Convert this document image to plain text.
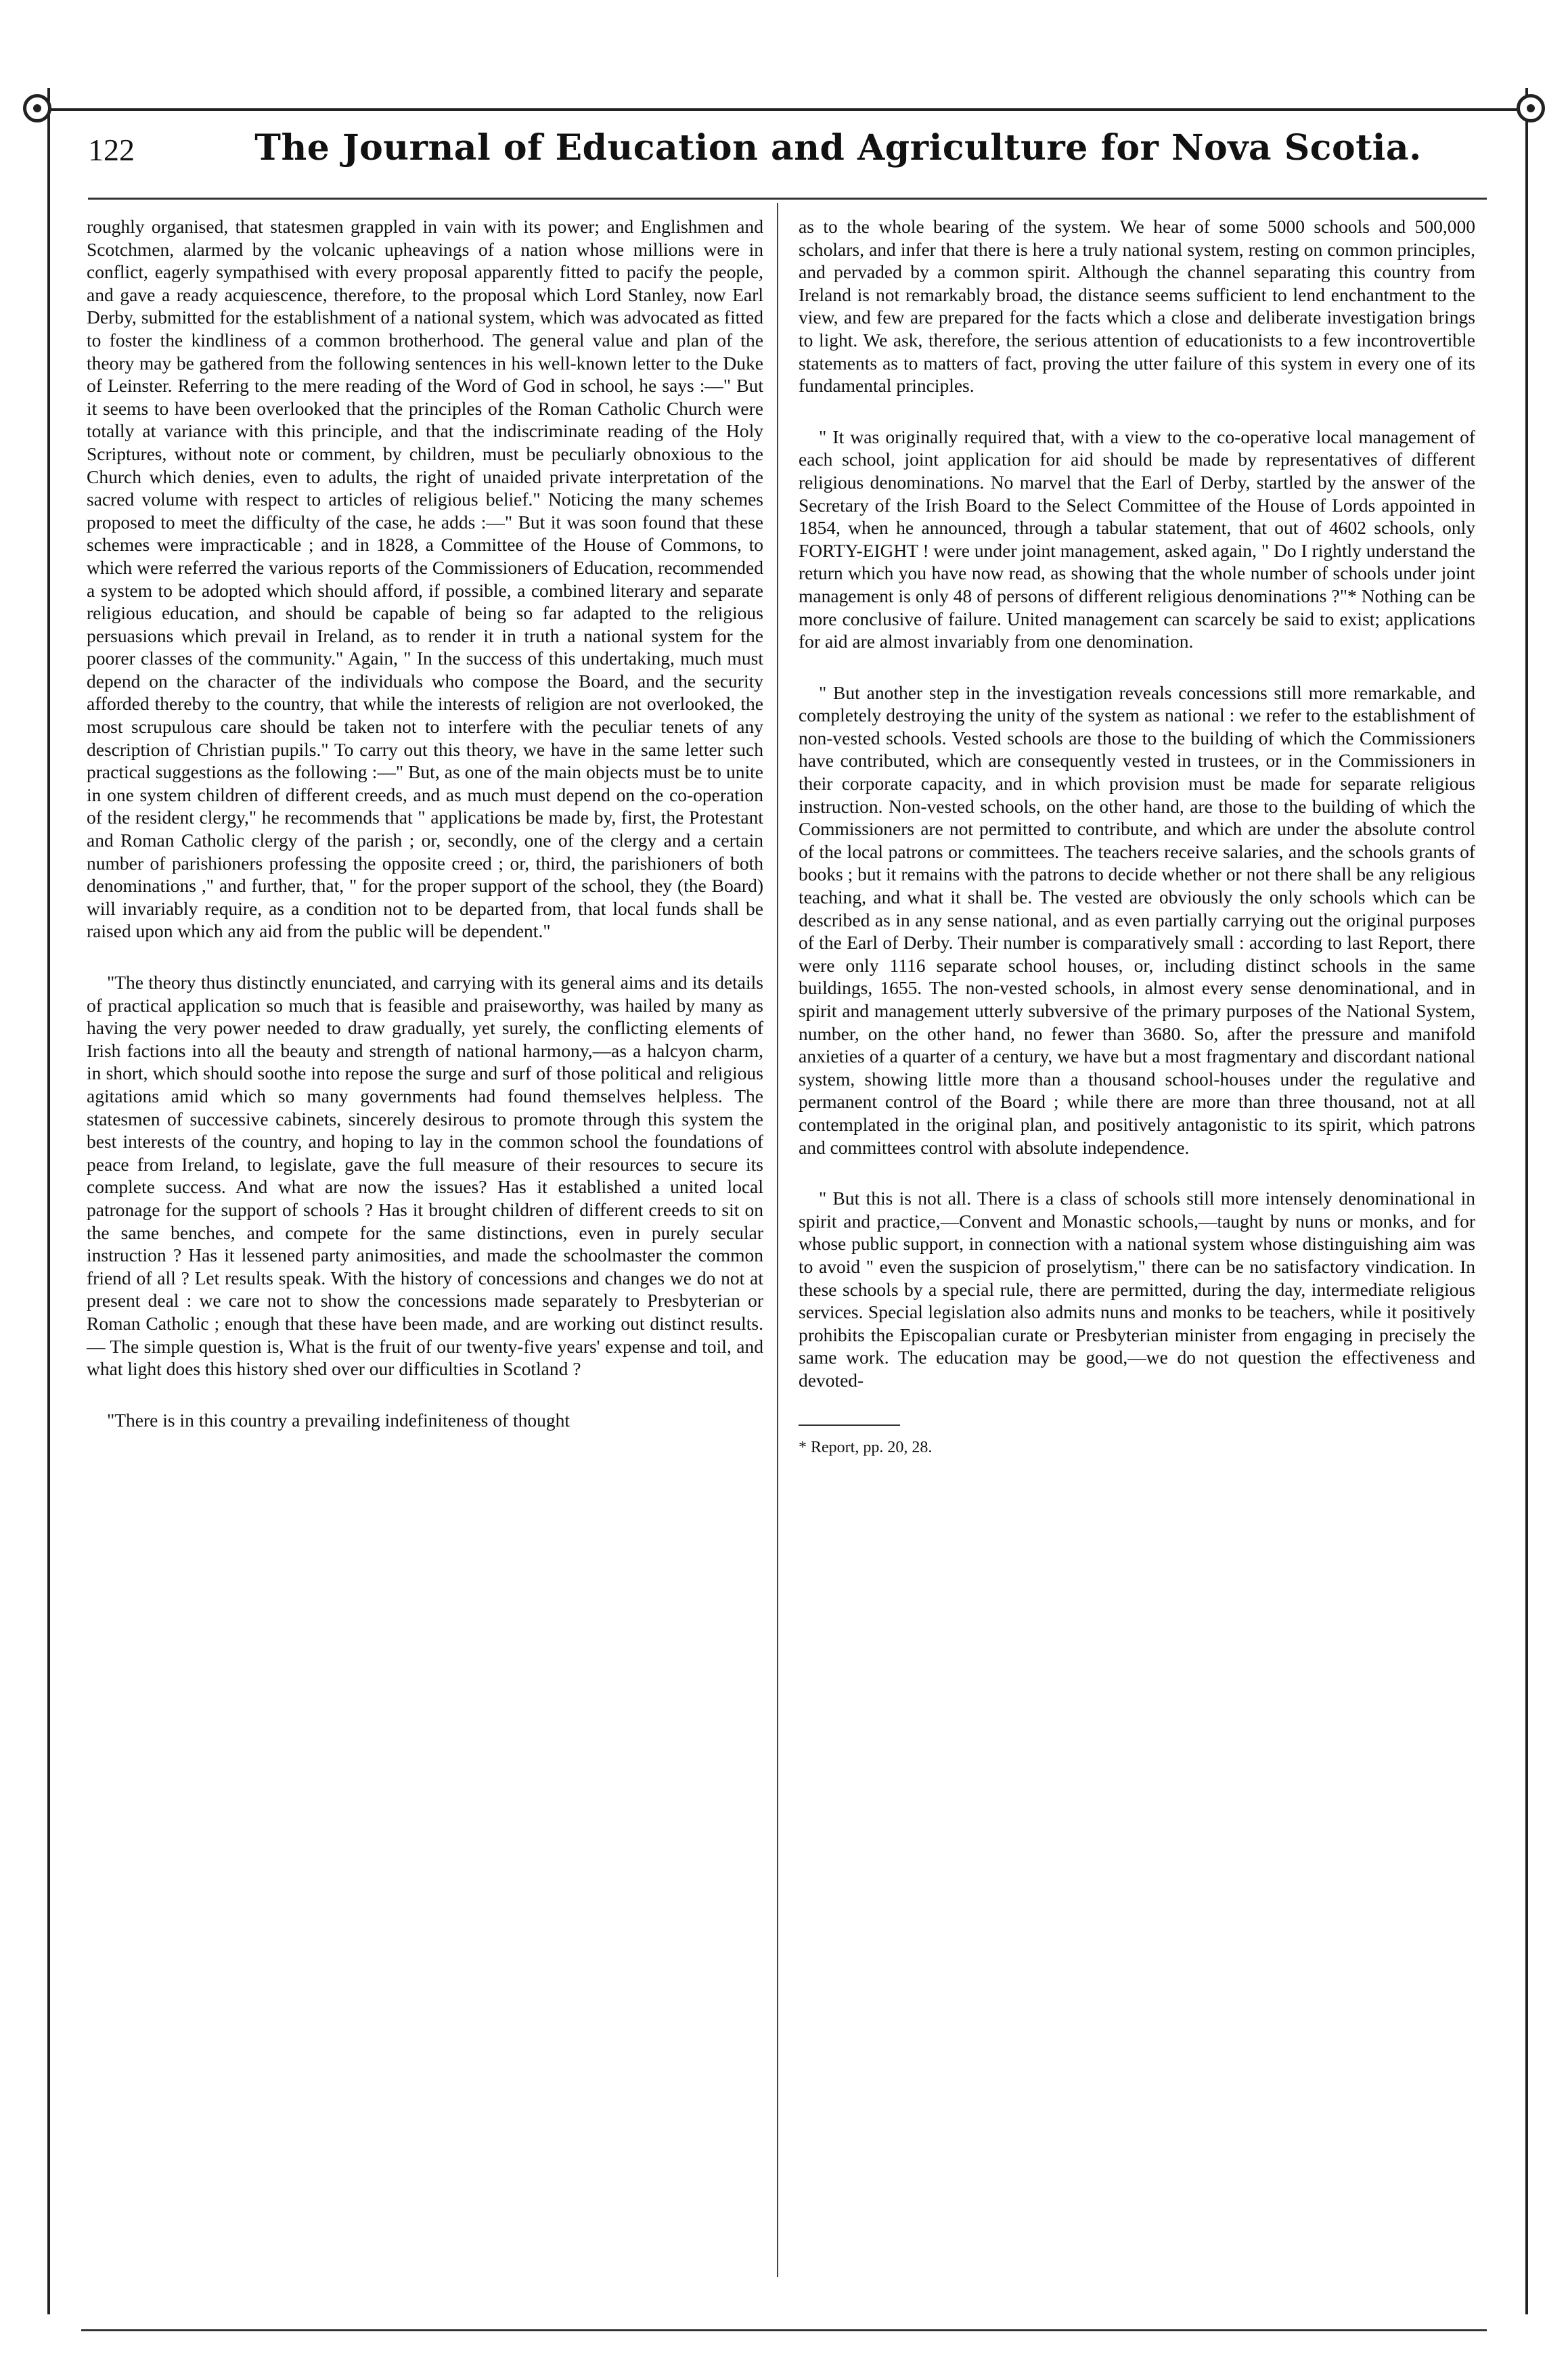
122	The Journal of Education and Agriculture for Nova Scotia.

roughly organised, that statesmen grappled in vain with its power; and Englishmen and Scotchmen, alarmed by the volcanic upheavings of a nation whose millions were in conflict, eagerly sympathised with every proposal apparently fitted to pacify the people, and gave a ready acquiescence, therefore, to the proposal which Lord Stanley, now Earl Derby, submitted for the establishment of a national system, which was advocated as fitted to foster the kindliness of a common brotherhood. The general value and plan of the theory may be gathered from the following sentences in his well-known letter to the Duke of Leinster. Referring to the mere reading of the Word of God in school, he says :—" But it seems to have been overlooked that the principles of the Roman Catholic Church were totally at variance with this principle, and that the indiscriminate reading of the Holy Scriptures, without note or comment, by children, must be peculiarly obnoxious to the Church which denies, even to adults, the right of unaided private interpretation of the sacred volume with respect to articles of religious belief." Noticing the many schemes proposed to meet the difficulty of the case, he adds :—" But it was soon found that these schemes were impracticable ; and in 1828, a Committee of the House of Commons, to which were referred the various reports of the Commissioners of Education, recommended a system to be adopted which should afford, if possible, a combined literary and separate religious education, and should be capable of being so far adapted to the religious persuasions which prevail in Ireland, as to render it in truth a national system for the poorer classes of the community." Again, " In the success of this undertaking, much must depend on the character of the individuals who compose the Board, and the security afforded thereby to the country, that while the interests of religion are not overlooked, the most scrupulous care should be taken not to interfere with the peculiar tenets of any description of Christian pupils." To carry out this theory, we have in the same letter such practical suggestions as the following :—" But, as one of the main objects must be to unite in one system children of different creeds, and as much must depend on the co-operation of the resident clergy," he recommends that " applications be made by, first, the Protestant and Roman Catholic clergy of the parish ; or, secondly, one of the clergy and a certain number of parishioners professing the opposite creed ; or, third, the parishioners of both denominations ," and further, that, " for the proper support of the school, they (the Board) will invariably require, as a condition not to be departed from, that local funds shall be raised upon which any aid from the public will be dependent."

"The theory thus distinctly enunciated, and carrying with its general aims and its details of practical application so much that is feasible and praiseworthy, was hailed by many as having the very power needed to draw gradually, yet surely, the conflicting elements of Irish factions into all the beauty and strength of national harmony,—as a halcyon charm, in short, which should soothe into repose the surge and surf of those political and religious agitations amid which so many governments had found themselves helpless. The statesmen of successive cabinets, sincerely desirous to promote through this system the best interests of the country, and hoping to lay in the common school the foundations of peace from Ireland, to legislate, gave the full measure of their resources to secure its complete success. And what are now the issues? Has it established a united local patronage for the support of schools ? Has it brought children of different creeds to sit on the same benches, and compete for the same distinctions, even in purely secular instruction ? Has it lessened party animosities, and made the schoolmaster the common friend of all ? Let results speak. With the history of concessions and changes we do not at present deal : we care not to show the concessions made separately to Presbyterian or Roman Catholic ; enough that these have been made, and are working out distinct results.— The simple question is, What is the fruit of our twenty-five years' expense and toil, and what light does this history shed over our difficulties in Scotland ?

"There is in this country a prevailing indefiniteness of thought

as to the whole bearing of the system. We hear of some 5000 schools and 500,000 scholars, and infer that there is here a truly national system, resting on common principles, and pervaded by a common spirit. Although the channel separating this country from Ireland is not remarkably broad, the distance seems sufficient to lend enchantment to the view, and few are prepared for the facts which a close and deliberate investigation brings to light. We ask, therefore, the serious attention of educationists to a few incontrovertible statements as to matters of fact, proving the utter failure of this system in every one of its fundamental principles.

" It was originally required that, with a view to the co-operative local management of each school, joint application for aid should be made by representatives of different religious denominations. No marvel that the Earl of Derby, startled by the answer of the Secretary of the Irish Board to the Select Committee of the House of Lords appointed in 1854, when he announced, through a tabular statement, that out of 4602 schools, only FORTY-EIGHT ! were under joint management, asked again, " Do I rightly understand the return which you have now read, as showing that the whole number of schools under joint management is only 48 of persons of different religious denominations ?"* Nothing can be more conclusive of failure. United management can scarcely be said to exist; applications for aid are almost invariably from one denomination.

" But another step in the investigation reveals concessions still more remarkable, and completely destroying the unity of the system as national : we refer to the establishment of non-vested schools. Vested schools are those to the building of which the Commissioners have contributed, which are consequently vested in trustees, or in the Commissioners in their corporate capacity, and in which provision must be made for separate religious instruction. Non-vested schools, on the other hand, are those to the building of which the Commissioners are not permitted to contribute, and which are under the absolute control of the local patrons or committees. The teachers receive salaries, and the schools grants of books ; but it remains with the patrons to decide whether or not there shall be any religious teaching, and what it shall be. The vested are obviously the only schools which can be described as in any sense national, and as even partially carrying out the original purposes of the Earl of Derby. Their number is comparatively small : according to last Report, there were only 1116 separate school houses, or, including distinct schools in the same buildings, 1655. The non-vested schools, in almost every sense denominational, and in spirit and management utterly subversive of the primary purposes of the National System, number, on the other hand, no fewer than 3680. So, after the pressure and manifold anxieties of a quarter of a century, we have but a most fragmentary and discordant national system, showing little more than a thousand school-houses under the regulative and permanent control of the Board ; while there are more than three thousand, not at all contemplated in the original plan, and positively antagonistic to its spirit, which patrons and committees control with absolute independence.

" But this is not all. There is a class of schools still more intensely denominational in spirit and practice,—Convent and Monastic schools,—taught by nuns or monks, and for whose public support, in connection with a national system whose distinguishing aim was to avoid " even the suspicion of proselytism," there can be no satisfactory vindication. In these schools by a special rule, there are permitted, during the day, intermediate religious services. Special legislation also admits nuns and monks to be teachers, while it positively prohibits the Episcopalian curate or Presbyterian minister from engaging in precisely the same work. The education may be good,—we do not question the effectiveness and devoted-

* Report, pp. 20, 28.
